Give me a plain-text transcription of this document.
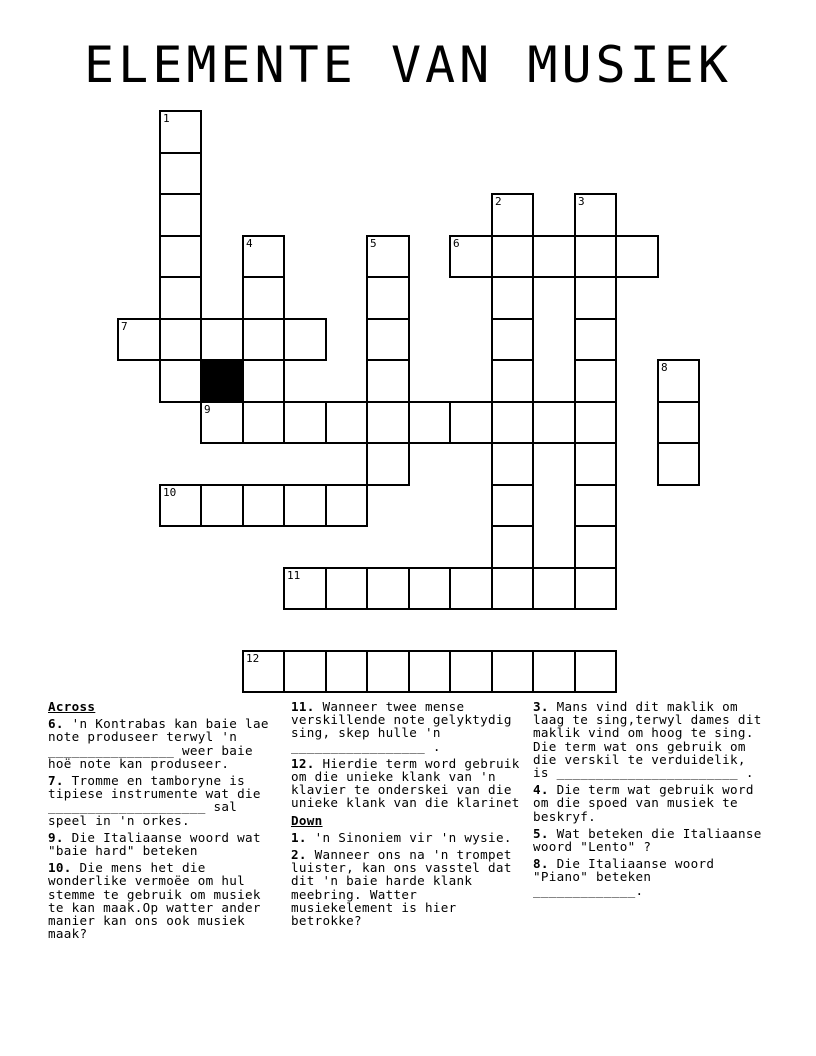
ELEMENTE VAN MUSIEK
1
2	3
4	5	6
7
8
9
10
11
12

Across

6. 'n Kontrabas kan baie lae note produseer terwyl 'n ________________ weer baie hoë note kan produseer.

7. Tromme en tamboryne is tipiese instrumente wat die ____________________ sal speel in 'n orkes.

9. Die Italiaanse woord wat "baie hard" beteken

10. Die mens het die wonderlike vermoëe om hul stemme te gebruik om musiek te kan maak.Op watter ander manier kan ons ook musiek maak?

11. Wanneer twee mense verskillende note gelyktydig sing, skep hulle 'n _________________ .

12. Hierdie term word gebruik om die unieke klank van 'n klavier te onderskei van die unieke klank van die klarinet

Down

1. 'n Sinoniem vir 'n wysie.

2. Wanneer ons na 'n trompet luister, kan ons vasstel dat dit 'n baie harde klank meebring. Watter musiekelement is hier betrokke?

3. Mans vind dit maklik om laag te sing,terwyl dames dit maklik vind om hoog te sing. Die term wat ons gebruik om die verskil te verduidelik, is _______________________ .

4. Die term wat gebruik word om die spoed van musiek te beskryf.

5. Wat beteken die Italiaanse woord "Lento" ?

8. Die Italiaanse woord "Piano" beteken _____________.
